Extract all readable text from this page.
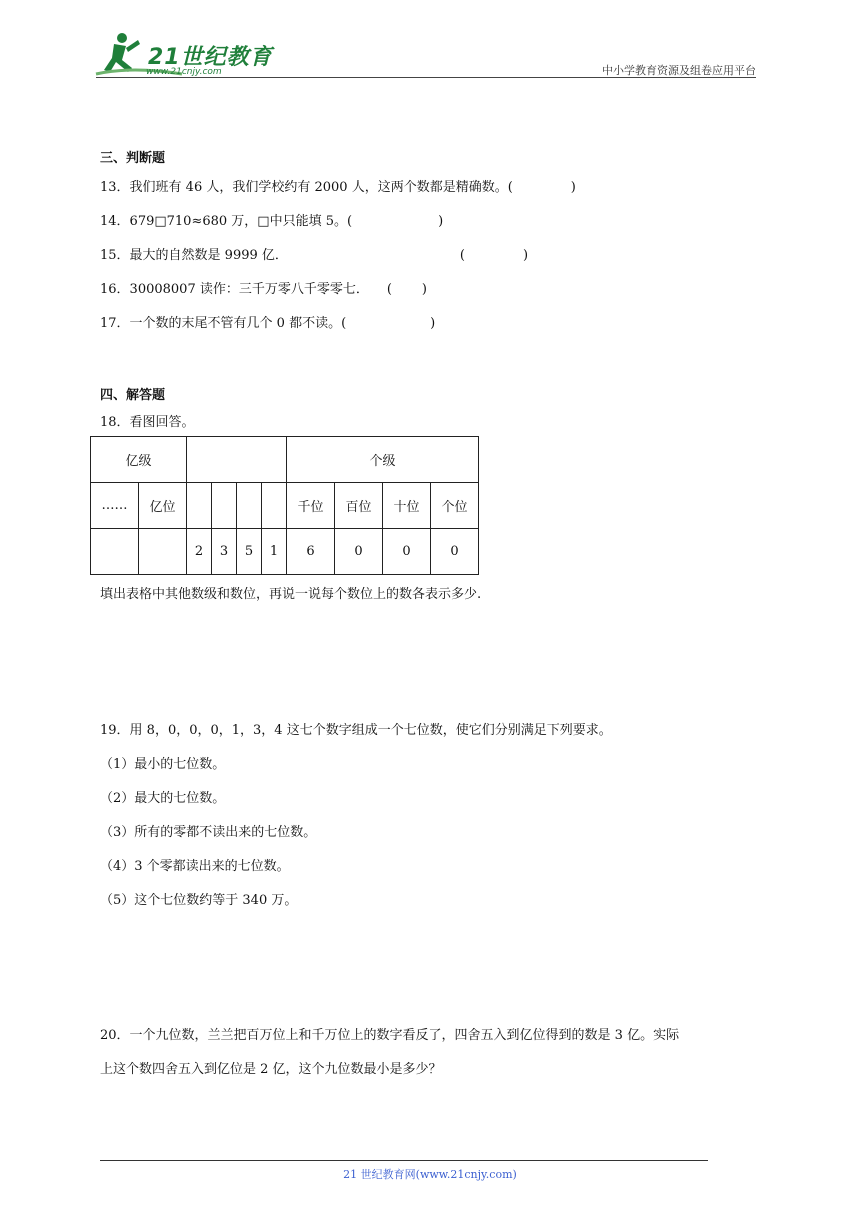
21世纪教育
www.21cnjy.com	中小学教育资源及组卷应用平台
三、判断题
13．我们班有 46 人，我们学校约有 2000 人，这两个数都是精确数。(	)
14．679□710≈680 万，□中只能填 5。(	)
15．最大的自然数是 9999 亿．	(	)
16．30008007 读作：三千万零八千零零七． ( )
17．一个数的末尾不管有几个 0 都不读。(	)
四、解答题
18．看图回答。
亿级						个级			
……	亿位					千位	百位	十位	个位
		2	3	5	1	6	0	0	0
填出表格中其他数级和数位，再说一说每个数位上的数各表示多少.
19．用 8，0，0，0，1，3，4 这七个数字组成一个七位数，使它们分别满足下列要求。
（1）最小的七位数。
（2）最大的七位数。
（3）所有的零都不读出来的七位数。
（4）3 个零都读出来的七位数。
（5）这个七位数约等于 340 万。
20．一个九位数，兰兰把百万位上和千万位上的数字看反了，四舍五入到亿位得到的数是 3 亿。实际
上这个数四舍五入到亿位是 2 亿，这个九位数最小是多少？
21 世纪教育网(www.21cnjy.com)
